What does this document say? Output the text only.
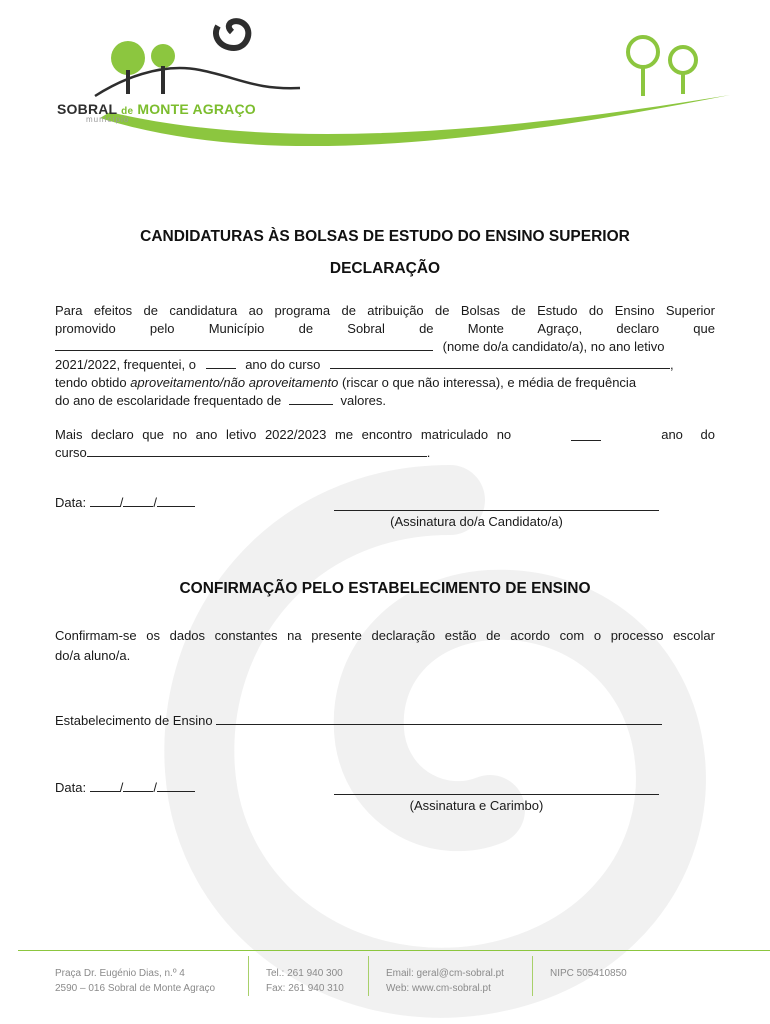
SOBRAL de MONTE AGRAÇO
município
CANDIDATURAS ÀS BOLSAS DE ESTUDO DO ENSINO SUPERIOR
DECLARAÇÃO
Para efeitos de candidatura ao programa de atribuição de Bolsas de Estudo do Ensino Superior
promovido pelo Município de Sobral de Monte Agraço, declaro que
(nome do/a candidato/a), no ano letivo
2021/2022, frequentei, o	ano do curso	,
tendo obtido aproveitamento/não aproveitamento (riscar o que não interessa), e média de frequência
do ano de escolaridade frequentado de	valores.
Mais declaro que no ano letivo 2022/2023 me encontro matriculado no	ano do
curso	.
Data:	/ /
(Assinatura do/a Candidato/a)
CONFIRMAÇÃO PELO ESTABELECIMENTO DE ENSINO
Confirmam-se os dados constantes na presente declaração estão de acordo com o processo escolar
do/a aluno/a.
Estabelecimento de Ensino
Data:	/ /
(Assinatura e Carimbo)
Praça Dr. Eugénio Dias, n.º 4
2590 – 016 Sobral de Monte Agraço
Tel.: 261 940 300
Fax: 261 940 310
Email: geral@cm-sobral.pt
Web: www.cm-sobral.pt
NIPC 505410850
